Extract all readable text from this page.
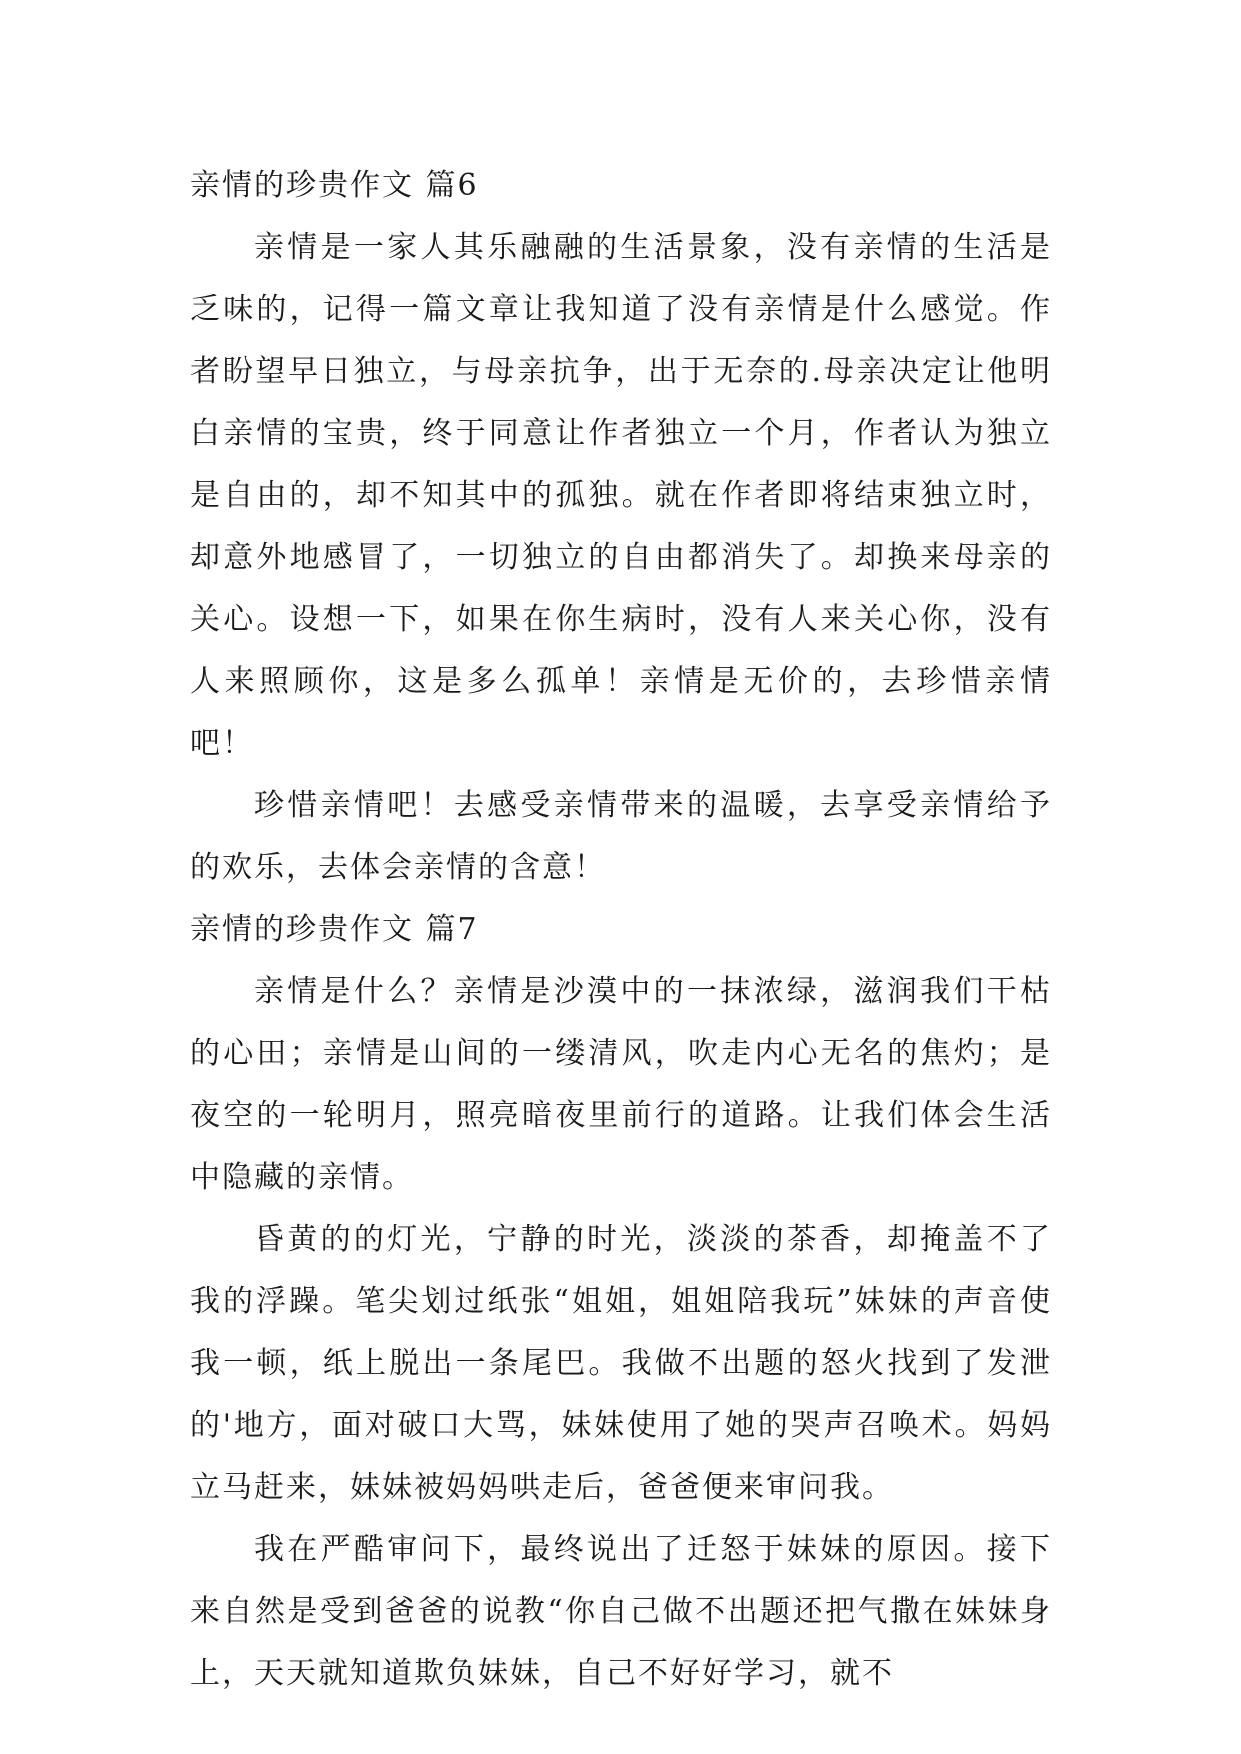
亲情的珍贵作文 篇6

亲情是一家人其乐融融的生活景象，没有亲情的生活是乏味的，记得一篇文章让我知道了没有亲情是什么感觉。作者盼望早日独立，与母亲抗争，出于无奈的.母亲决定让他明白亲情的宝贵，终于同意让作者独立一个月，作者认为独立是自由的，却不知其中的孤独。就在作者即将结束独立时，却意外地感冒了，一切独立的自由都消失了。却换来母亲的关心。设想一下，如果在你生病时，没有人来关心你，没有人来照顾你，这是多么孤单！亲情是无价的，去珍惜亲情吧！

珍惜亲情吧！去感受亲情带来的温暖，去享受亲情给予的欢乐，去体会亲情的含意！

亲情的珍贵作文 篇7

亲情是什么？亲情是沙漠中的一抹浓绿，滋润我们干枯的心田；亲情是山间的一缕清风，吹走内心无名的焦灼；是夜空的一轮明月，照亮暗夜里前行的道路。让我们体会生活中隐藏的亲情。

昏黄的的灯光，宁静的时光，淡淡的茶香，却掩盖不了我的浮躁。笔尖划过纸张“姐姐，姐姐陪我玩”妹妹的声音使我一顿，纸上脱出一条尾巴。我做不出题的怒火找到了发泄的'地方，面对破口大骂，妹妹使用了她的哭声召唤术。妈妈立马赶来，妹妹被妈妈哄走后，爸爸便来审问我。

我在严酷审问下，最终说出了迁怒于妹妹的原因。接下来自然是受到爸爸的说教“你自己做不出题还把气撒在妹妹身上，天天就知道欺负妹妹，自己不好好学习，就不
